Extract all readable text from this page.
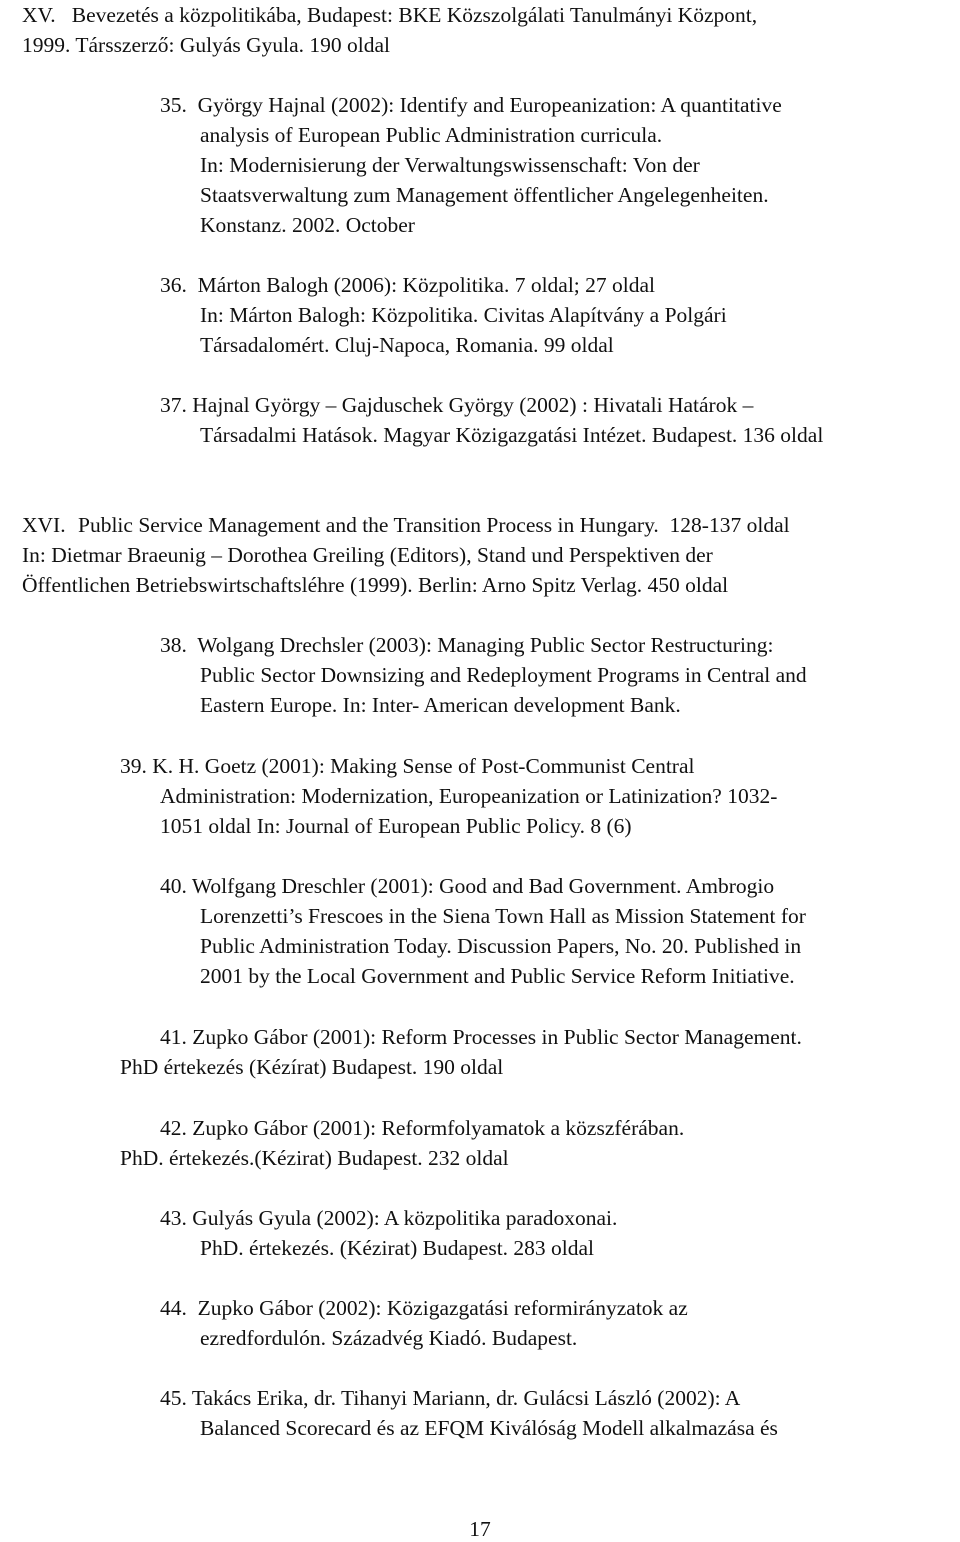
XV.   Bevezetés a közpolitikába, Budapest: BKE Közszolgálati Tanulmányi Központ,
1999. Társszerző: Gulyás Gyula. 190 oldal
35.  György Hajnal (2002): Identify and Europeanization: A quantitative
analysis of European Public Administration curricula.
In: Modernisierung der Verwaltungswissenschaft: Von der
Staatsverwaltung zum Management öffentlicher Angelegenheiten.
Konstanz. 2002. October
36.  Márton Balogh (2006): Közpolitika. 7 oldal; 27 oldal
In: Márton Balogh: Közpolitika. Civitas Alapítvány a Polgári
Társadalomért. Cluj-Napoca, Romania. 99 oldal
37. Hajnal György – Gajduschek György (2002) : Hivatali Határok –
Társadalmi Hatások. Magyar Közigazgatási Intézet. Budapest. 136 oldal
XVI. Public Service Management and the Transition Process in Hungary.  128-137 oldal
In: Dietmar Braeunig – Dorothea Greiling (Editors), Stand und Perspektiven der
Öffentlichen Betriebswirtschaftsléhre (1999). Berlin: Arno Spitz Verlag. 450 oldal
38.  Wolgang Drechsler (2003): Managing Public Sector Restructuring:
Public Sector Downsizing and Redeployment Programs in Central and
Eastern Europe. In: Inter- American development Bank.
39. K. H. Goetz (2001): Making Sense of Post-Communist Central
Administration: Modernization, Europeanization or Latinization? 1032-
1051 oldal In: Journal of European Public Policy. 8 (6)
40. Wolfgang Dreschler (2001): Good and Bad Government. Ambrogio
Lorenzetti’s Frescoes in the Siena Town Hall as Mission Statement for
Public Administration Today. Discussion Papers, No. 20. Published in
2001 by the Local Government and Public Service Reform Initiative.
41. Zupko Gábor (2001): Reform Processes in Public Sector Management.
PhD értekezés (Kézírat) Budapest. 190 oldal
42. Zupko Gábor (2001): Reformfolyamatok a közszférában.
PhD. értekezés.(Kézirat) Budapest. 232 oldal
43. Gulyás Gyula (2002): A közpolitika paradoxonai.
PhD. értekezés. (Kézirat) Budapest. 283 oldal
44.  Zupko Gábor (2002): Közigazgatási reformirányzatok az
ezredfordulón. Századvég Kiadó. Budapest.
45. Takács Erika, dr. Tihanyi Mariann, dr. Gulácsi László (2002): A
Balanced Scorecard és az EFQM Kiválóság Modell alkalmazása és
17
